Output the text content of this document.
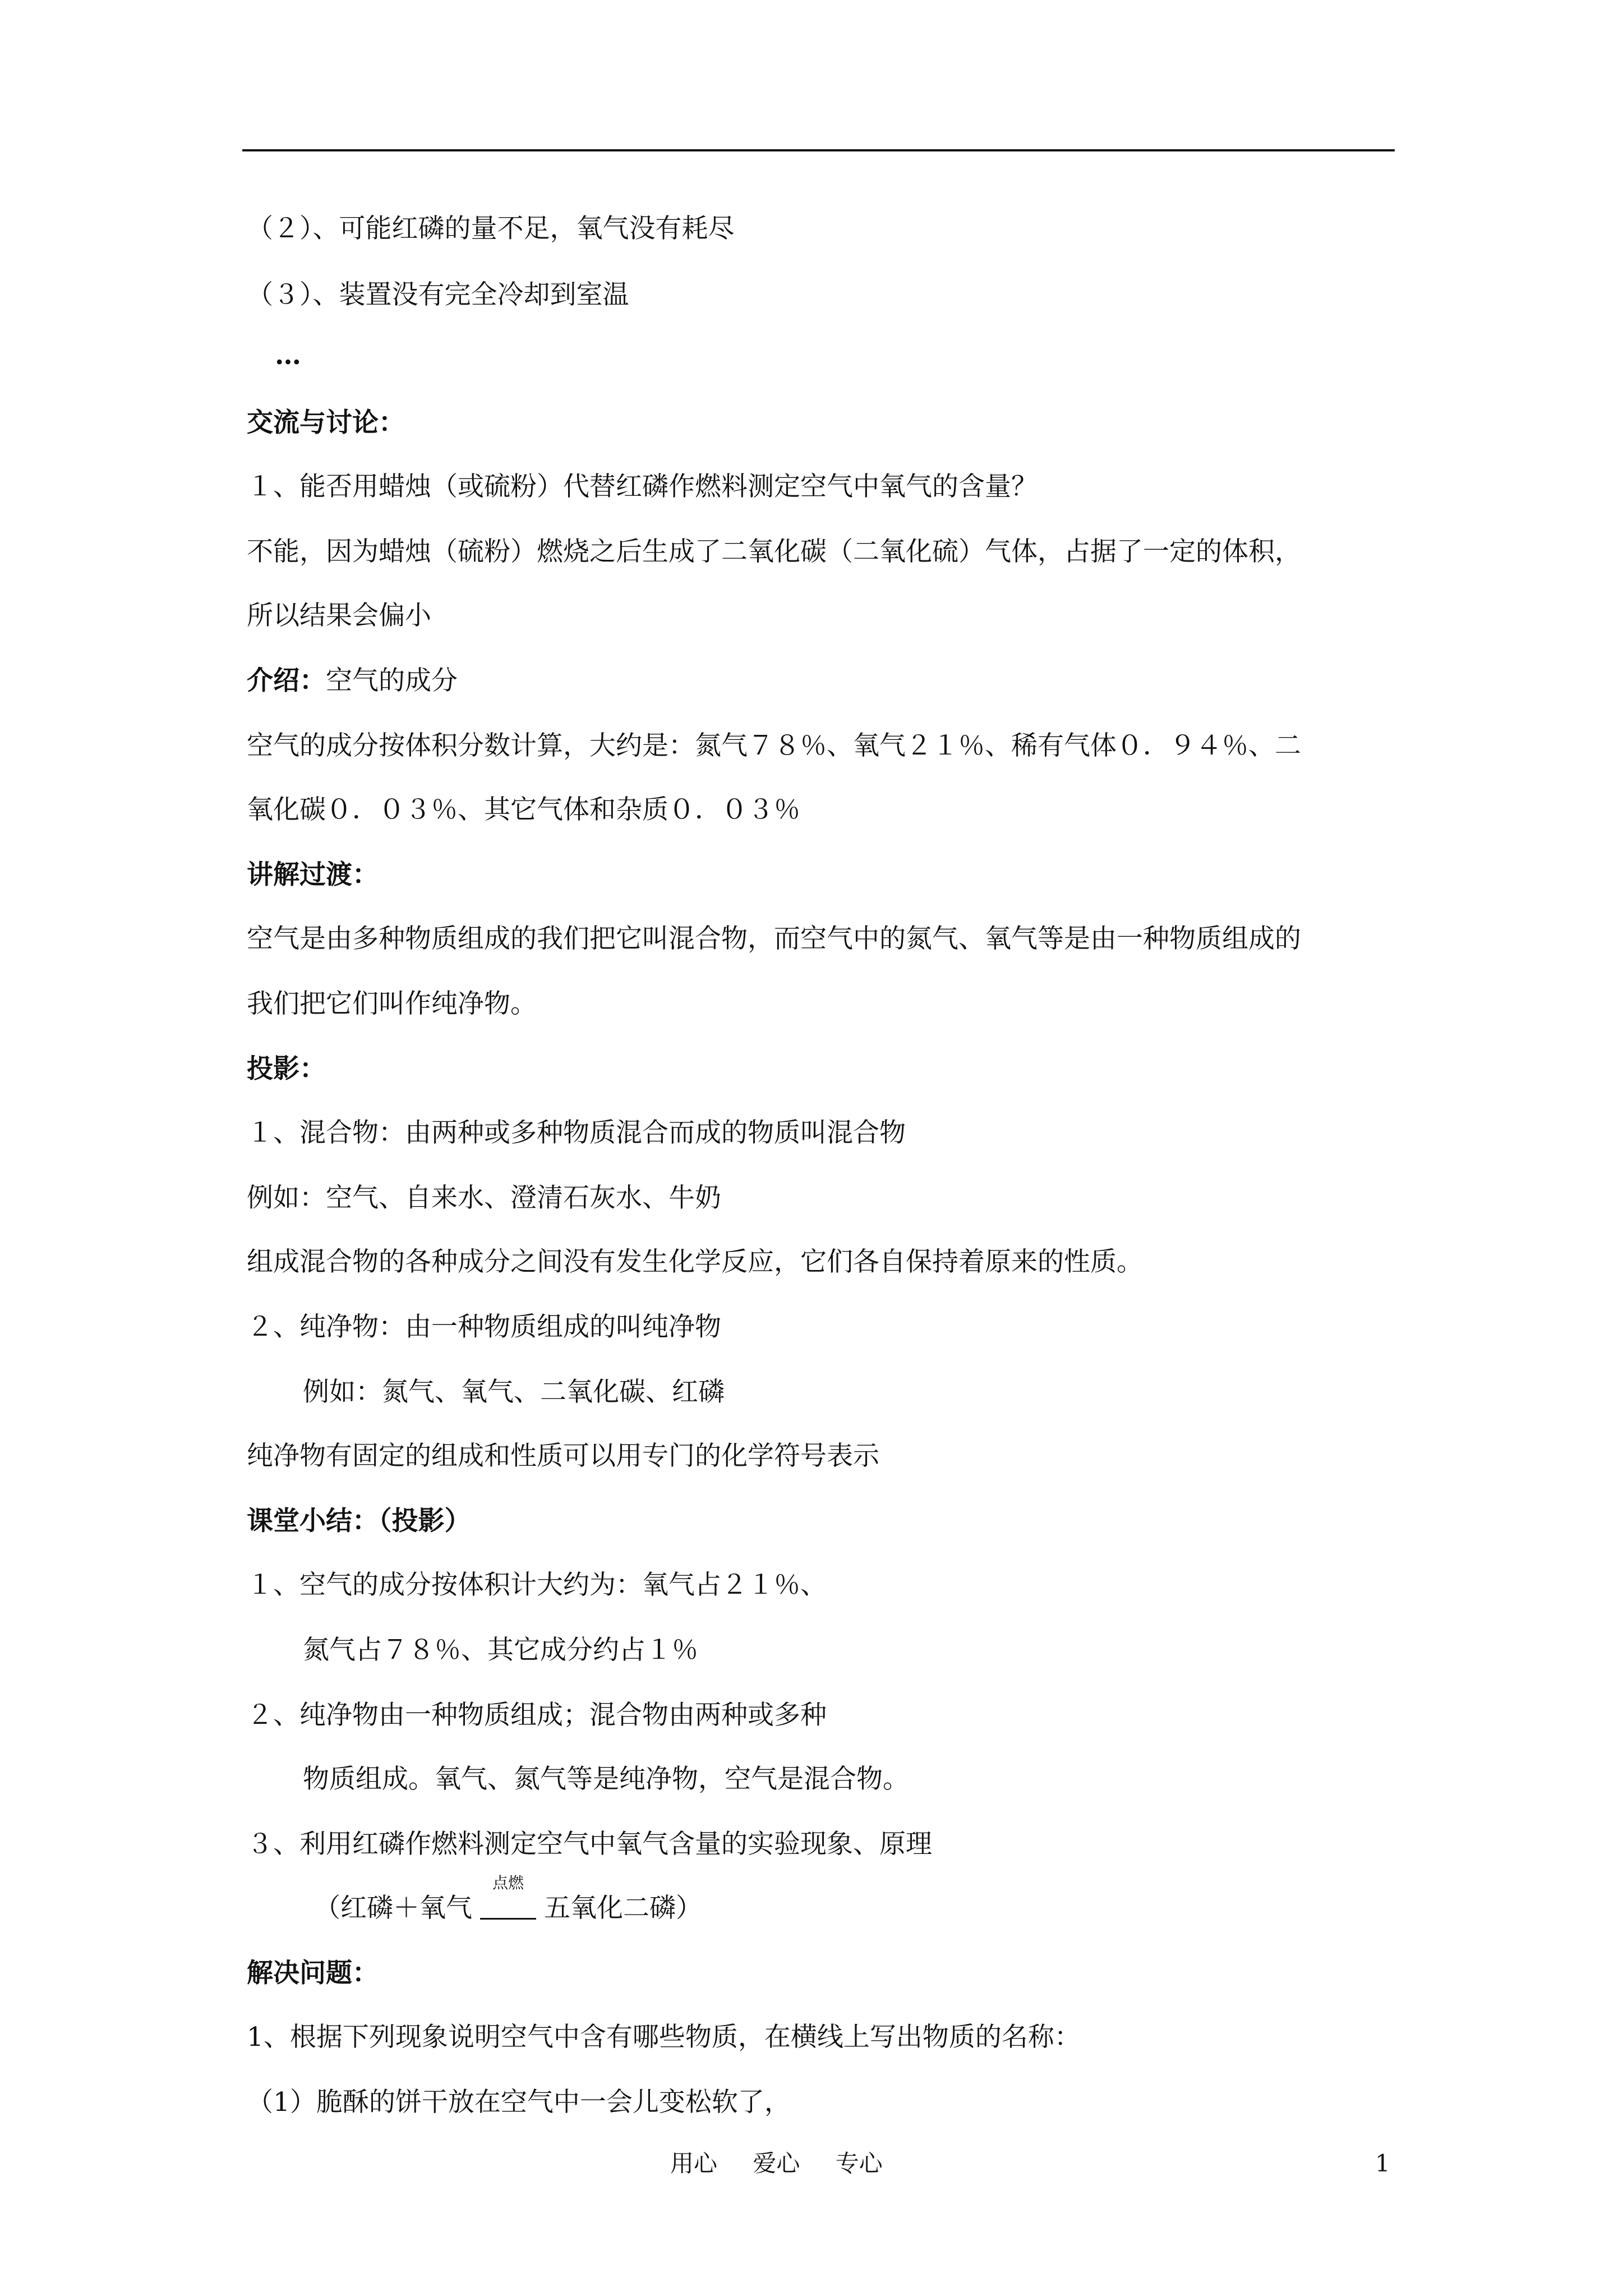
（２）、可能红磷的量不足，氧气没有耗尽
（３）、装置没有完全冷却到室温
…
交流与讨论：
１、能否用蜡烛（或硫粉）代替红磷作燃料测定空气中氧气的含量？
不能，因为蜡烛（硫粉）燃烧之后生成了二氧化碳（二氧化硫）气体，占据了一定的体积，
所以结果会偏小
介绍：空气的成分
空气的成分按体积分数计算，大约是：氮气７８％、氧气２１％、稀有气体０．９４％、二
氧化碳０．０３％、其它气体和杂质０．０３％
讲解过渡：
空气是由多种物质组成的我们把它叫混合物，而空气中的氮气、氧气等是由一种物质组成的
我们把它们叫作纯净物。
投影：
１、混合物：由两种或多种物质混合而成的物质叫混合物
例如：空气、自来水、澄清石灰水、牛奶
组成混合物的各种成分之间没有发生化学反应，它们各自保持着原来的性质。
２、纯净物：由一种物质组成的叫纯净物
例如：氮气、氧气、二氧化碳、红磷
纯净物有固定的组成和性质可以用专门的化学符号表示
课堂小结：（投影）
１、空气的成分按体积计大约为：氧气占２１％、
氮气占７８％、其它成分约占１％
２、纯净物由一种物质组成；混合物由两种或多种
物质组成。氧气、氮气等是纯净物，空气是混合物。
３、利用红磷作燃料测定空气中氧气含量的实验现象、原理
（红磷＋氧气
点燃
五氧化二磷）
解决问题：
1、根据下列现象说明空气中含有哪些物质，在横线上写出物质的名称：
（1）脆酥的饼干放在空气中一会儿变松软了，
用心 爱心 专心	1
